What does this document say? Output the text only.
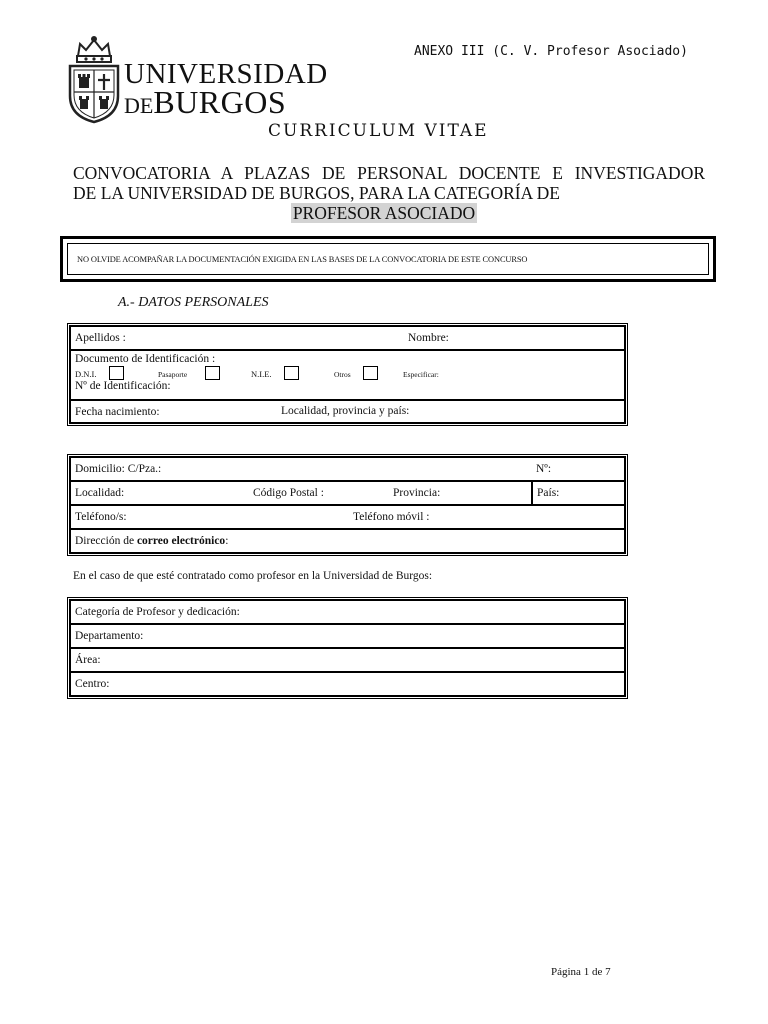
UNIVERSIDAD
DEBURGOS
ANEXO III (C. V. Profesor Asociado)
CURRICULUM VITAE
CONVOCATORIA A PLAZAS DE PERSONAL DOCENTE E INVESTIGADOR
DE LA UNIVERSIDAD DE BURGOS, PARA LA CATEGORÍA DE
PROFESOR ASOCIADO
NO OLVIDE ACOMPAÑAR LA DOCUMENTACIÓN EXIGIDA EN LAS BASES DE LA CONVOCATORIA DE ESTE CONCURSO
A.- DATOS PERSONALES
Apellidos :	Nombre:

Documento de Identificación :
D.N.I.	Pasaporte	N.I.E.	Otros	Especificar:
Nº de Identificación:

Fecha nacimiento:	Localidad, provincia y país:
Domicilio: C/Pza.:	Nº:

Localidad:	Código Postal :	Provincia:	País:
Teléfono/s:	Teléfono móvil :

Dirección de correo electrónico:
En el caso de que esté contratado como profesor en la Universidad de Burgos:
Categoría de Profesor y dedicación:
Departamento:
Área:
Centro:
Página 1 de 7
